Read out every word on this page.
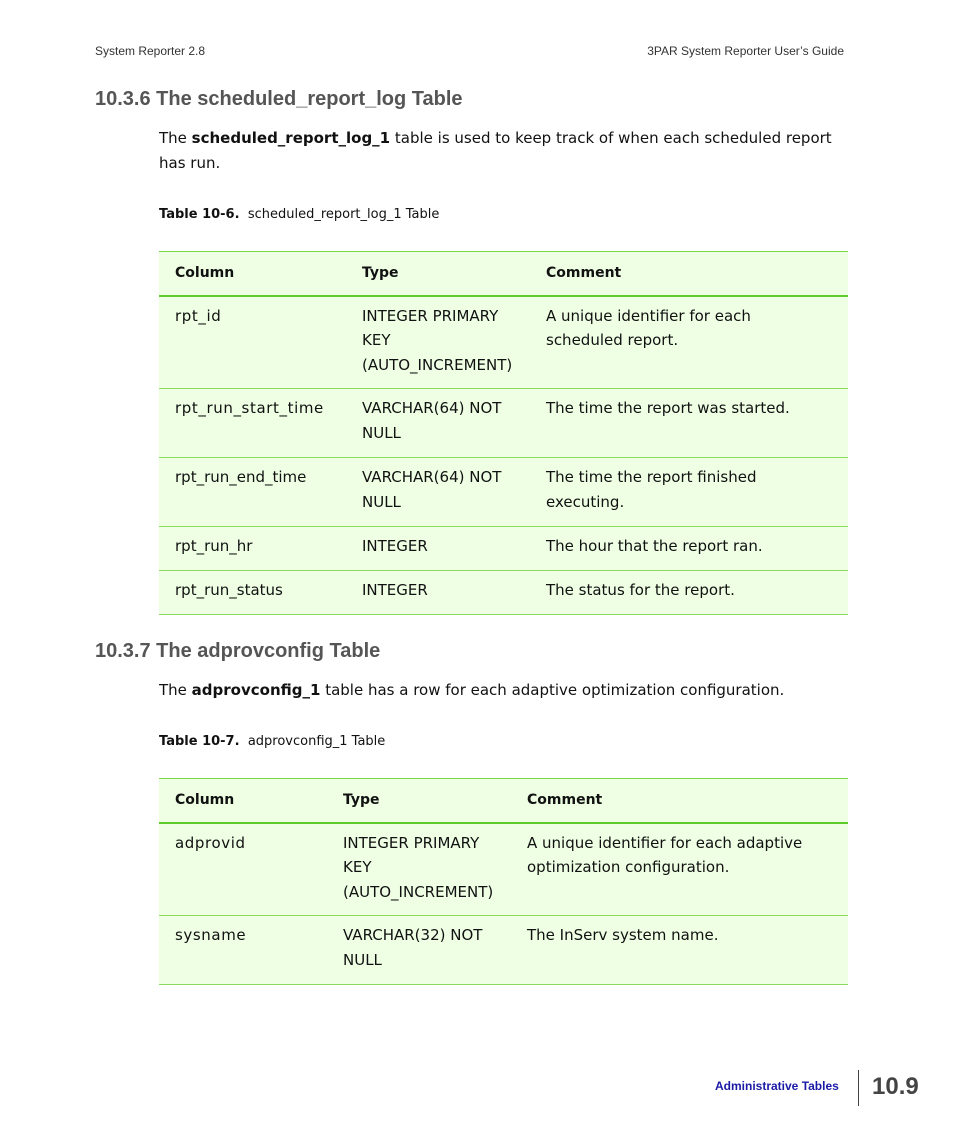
System Reporter 2.8	3PAR System Reporter User’s Guide
10.3.6 The scheduled_report_log Table

The scheduled_report_log_1 table is used to keep track of when each scheduled report has run.

Table 10-6. scheduled_report_log_1 Table
Column	Type	Comment
rpt_id	INTEGER PRIMARY KEY (AUTO_INCREMENT)	A unique identifier for each scheduled report.
rpt_run_start_time	VARCHAR(64) NOT NULL	The time the report was started.
rpt_run_end_time	VARCHAR(64) NOT NULL	The time the report finished executing.
rpt_run_hr	INTEGER	The hour that the report ran.
rpt_run_status	INTEGER	The status for the report.
10.3.7 The adprovconfig Table

The adprovconfig_1 table has a row for each adaptive optimization configuration.

Table 10-7. adprovconfig_1 Table
Column	Type	Comment
adprovid	INTEGER PRIMARY KEY (AUTO_INCREMENT)	A unique identifier for each adaptive optimization configuration.
sysname	VARCHAR(32) NOT NULL	The InServ system name.
Administrative Tables 10.9
